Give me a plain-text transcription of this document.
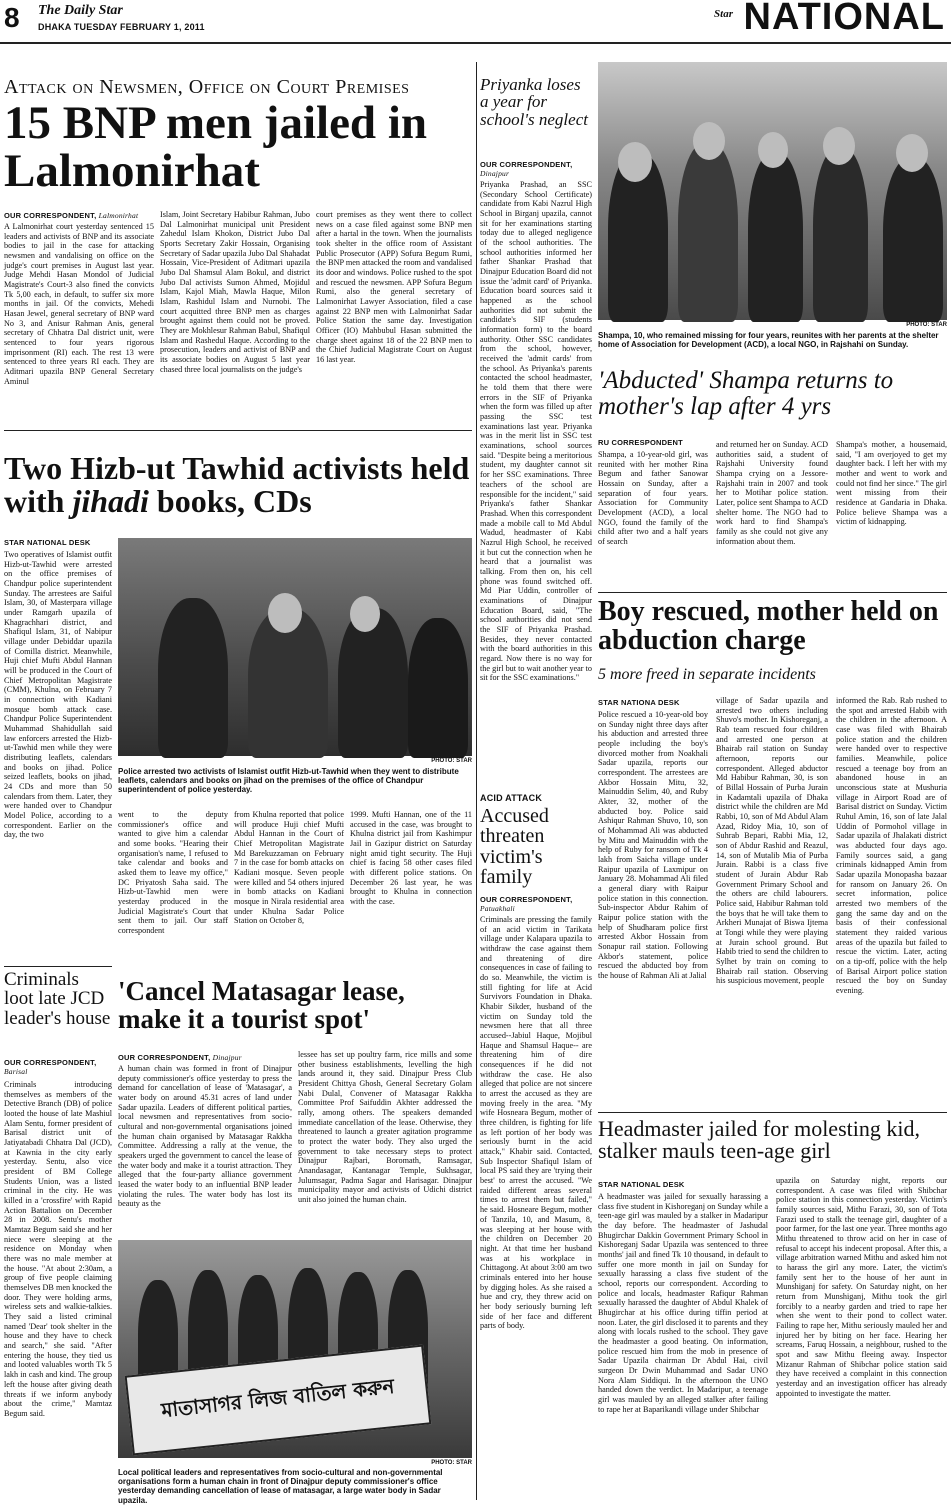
8 The Daily Star
DHAKA TUESDAY FEBRUARY 1, 2011
Star NATIONAL
Attack on Newsmen, Office on Court Premises
15 BNP men jailed in Lalmonirhat
OUR CORRESPONDENT, Lalmonirhat
A Lalmonirhat court yesterday sentenced 15 leaders and activists of BNP and its associate bodies to jail in the case for attacking newsmen and vandalising on office on the judge's court premises in August last year. Judge Mehdi Hasan Mondol of Judicial Magistrate's Court-3 also fined the convicts Tk 5,00 each, in default, to suffer six more months in jail. Of the convicts, Mehedi Hasan Jewel, general secretary of BNP ward No 3, and Anisur Rahman Anis, general secretary of Chhatra Dal district unit, were sentenced to four years rigorous imprisonment (RI) each. The rest 13 were sentenced to three years RI each. They are Aditmari upazila BNP General Secretary Aminul
Islam, Joint Secretary Habibur Rahman, Jubo Dal Lalmonirhat municipal unit President Zahedul Islam Khokon, District Jubo Dal Sports Secretary Zakir Hossain, Organising Secretary of Sadar upazila Jubo Dal Shahadat Hossain, Vice-President of Aditmari upazila Jubo Dal Shamsul Alam Bokul, and district Jubo Dal activists Sumon Ahmed, Mojidul Islam, Kajol Miah, Mawla Haque, Milon Islam, Rashidul Islam and Nurnobi. The court acquitted three BNP men as charges brought against them could not be proved. They are Mokhlesur Rahman Babul, Shafiqul Islam and Rashedul Haque. According to the prosecution, leaders and activist of BNP and its associate bodies on August 5 last year chased three local journalists on the judge's
court premises as they went there to collect news on a case filed against some BNP men after a hartal in the town. When the journalists took shelter in the office room of Assistant Public Prosecutor (APP) Sofura Begum Rumi, the BNP men attacked the room and vandalised its door and windows. Police rushed to the spot and rescued the newsmen. APP Sofura Begum Rumi, also the general secretary of Lalmonirhat Lawyer Association, filed a case against 22 BNP men with Lalmonirhat Sadar Police Station the same day. Investigation Officer (IO) Mahbubul Hasan submitted the charge sheet against 18 of the 22 BNP men to the Chief Judicial Magistrate Court on August 16 last year.
Two Hizb-ut Tawhid activists held with jihadi books, CDs
STAR NATIONAL DESK
Two operatives of Islamist outfit Hizb-ut-Tawhid were arrested on the office premises of Chandpur police superintendent Sunday. The arrestees are Saiful Islam, 30, of Masterpara village under Ramgarh upazila of Khagrachhari district, and Shafiqul Islam, 31, of Nabipur village under Debiddar upazila of Comilla district. Meanwhile, Huji chief Mufti Abdul Hannan will be produced in the Court of Chief Metropolitan Magistrate (CMM), Khulna, on February 7 in connection with Kadiani mosque bomb attack case. Chandpur Police Superintendent Muhammad Shahidullah said law enforcers arrested the Hizb-ut-Tawhid men while they were distributing leaflets, calendars and books on jihad. Police seized leaflets, books on jihad, 24 CDs and more than 50 calendars from them. Later, they were handed over to Chandpur Model Police, according to a correspondent. Earlier on the day, the two
PHOTO: STAR
Police arrested two activists of Islamist outfit Hizb-ut-Tawhid when they went to distribute leaflets, calendars and books on jihad on the premises of the office of Chandpur superintendent of police yesterday.
went to the deputy commissioner's office and wanted to give him a calendar and some books. "Hearing their organisation's name, I refused to take calendar and books and asked them to leave my office," DC Priyatosh Saha said. The Hizb-ut-Tawhid men were yesterday produced in the Judicial Magistrate's Court that sent them to jail. Our staff correspondent
from Khulna reported that police will produce Huji chief Mufti Abdul Hannan in the Court of Chief Metropolitan Magistrate Md Barekuzzaman on February 7 in the case for bomb attacks on Kadiani mosque. Seven people were killed and 54 others injured in bomb attacks on Kadiani mosque in Nirala residential area under Khulna Sadar Police Station on October 8,
1999. Mufti Hannan, one of the 11 accused in the case, was brought to Khulna district jail from Kashimpur Jail in Gazipur district on Saturday night amid tight security. The Huji chief is facing 58 other cases filed with different police stations. On December 26 last year, he was brought to Khulna in connection with the case.
Criminals loot late JCD leader's house
OUR CORRESPONDENT, Barisal
Criminals introducing themselves as members of the Detective Branch (DB) of police looted the house of late Mashiul Alam Sentu, former president of Barisal district unit of Jatiyatabadi Chhatra Dal (JCD), at Kawnia in the city early yesterday. Sentu, also vice president of BM College Students Union, was a listed criminal in the city. He was killed in a 'crossfire' with Rapid Action Battalion on December 28 in 2008. Sentu's mother Mamtaz Begum said she and her niece were sleeping at the residence on Monday when there was no male member at the house. "At about 2:30am, a group of five people claiming themselves DB men knocked the door. They were holding arms, wireless sets and walkie-talkies. They said a listed criminal named 'Dear' took shelter in the house and they have to check and search," she said. "After entering the house, they tied us and looted valuables worth Tk 5 lakh in cash and kind. The group left the house after giving death threats if we inform anybody about the crime," Mamtaz Begum said.
'Cancel Matasagar lease, make it a tourist spot'
OUR CORRESPONDENT, Dinajpur
A human chain was formed in front of Dinajpur deputy commissioner's office yesterday to press the demand for cancellation of lease of 'Matasagar', a water body on around 45.31 acres of land under Sadar upazila. Leaders of different political parties, local newsmen and representatives from socio-cultural and non-governmental organisations joined the human chain organised by Matasagar Rakkha Committee. Addressing a rally at the venue, the speakers urged the government to cancel the lease of the water body and make it a tourist attraction. They alleged that the four-party alliance government leased the water body to an influential BNP leader violating the rules. The water body has lost its beauty as the
lessee has set up poultry farm, rice mills and some other business establishments, levelling the high lands around it, they said. Dinajpur Press Club President Chittya Ghosh, General Secretary Golam Nabi Dulal, Convener of Matasagar Rakkha Committee Prof Saifuddin Akhter addressed the rally, among others. The speakers demanded immediate cancellation of the lease. Otherwise, they threatened to launch a greater agitation programme to protect the water body. They also urged the government to take necessary steps to protect Dinajpur Rajbari, Boromath, Ramsagar, Anandasagar, Kantanagar Temple, Sukhsagar, Julumsagar, Padma Sagar and Harisagar. Dinajpur municipality mayor and activists of Udichi district unit also joined the human chain.
মাতাসাগর লিজ বাতিল করুন
PHOTO: STAR
Local political leaders and representatives from socio-cultural and non-governmental organisations form a human chain in front of Dinajpur deputy commissioner's office yesterday demanding cancellation of lease of matasagar, a large water body in Sadar upazila.
Priyanka loses a year for school's neglect
OUR CORRESPONDENT, Dinajpur
Priyanka Prashad, an SSC (Secondary School Certificate) candidate from Kabi Nazrul High School in Birganj upazila, cannot sit for her examinations starting today due to alleged negligence of the school authorities. The school authorities informed her father Shankar Prashad that Dinajpur Education Board did not issue the 'admit card' of Priyanka. Education board sources said it happened as the school authorities did not submit the candidate's SIF (students information form) to the board authority. Other SSC candidates from the school, however, received the 'admit cards' from the school. As Priyanka's parents contacted the school headmaster, he told them that there were errors in the SIF of Priyanka when the form was filled up after passing the SSC test examinations last year. Priyanka was in the merit list in SSC test examinations, school sources said. "Despite being a meritorious student, my daughter cannot sit for her SSC examinations. Three teachers of the school are responsible for the incident," said Priyanka's father Shankar Prashad. When this correspondent made a mobile call to Md Abdul Wadud, headmaster of Kabi Nazrul High School, he received it but cut the connection when he heard that a journalist was talking. From then on, his cell phone was found switched off. Md Piar Uddin, controller of examinations of Dinajpur Education Board, said, "The school authorities did not send the SIF of Priyanka Prashad. Besides, they never contacted with the board authorities in this regard. Now there is no way for the girl but to wait another year to sit for the SSC examinations."
ACID ATTACK
Accused threaten victim's family
OUR CORRESPONDENT, Patuakhali
Criminals are pressing the family of an acid victim in Tarikata village under Kalapara upazila to withdraw the case against them and threatening of dire consequences in case of failing to do so. Meanwhile, the victim is still fighting for life at Acid Survivors Foundation in Dhaka. Khabir Sikder, husband of the victim on Sunday told the newsmen here that all three accused--Jabiul Haque, Mojibul Haque and Shamsul Haque-- are threatening him of dire consequences if he did not withdraw the case. He also alleged that police are not sincere to arrest the accused as they are moving freely in the area. "My wife Hosneara Begum, mother of three children, is fighting for life as left portion of her body was seriously burnt in the acid attack," Khabir said. Contacted, Sub Inspector Shafiqul Islam of local PS said they are 'trying their best' to arrest the accused. "We raided different areas several times to arrest them but failed," he said. Hosneare Begum, mother of Tanzila, 10, and Masum, 8, was sleeping at her house with the children on December 20 night. At that time her husband was at his workplace in Chittagong. At about 3:00 am two criminals entered into her house by digging holes. As she raised a hue and cry, they threw acid on her body seriously burning left side of her face and different parts of body.
PHOTO: STAR
Shampa, 10, who remained missing for four years, reunites with her parents at the shelter home of Association for Development (ACD), a local NGO, in Rajshahi on Sunday.
'Abducted' Shampa returns to mother's lap after 4 yrs
RU CORRESPONDENT
Shampa, a 10-year-old girl, was reunited with her mother Rina Begum and father Sanowar Hossain on Sunday, after a separation of four years. Association for Community Development (ACD), a local NGO, found the family of the child after two and a half years of search
and returned her on Sunday. ACD authorities said, a student of Rajshahi University found Shampa crying on a Jessore-Rajshahi train in 2007 and took her to Motihar police station. Later, police sent Shampa to ACD shelter home. The NGO had to work hard to find Shampa's family as she could not give any information about them.
Shampa's mother, a housemaid, said, "I am overjoyed to get my daughter back. I left her with my mother and went to work and could not find her since." The girl went missing from their residence at Gandaria in Dhaka. Police believe Shampa was a victim of kidnapping.
Boy rescued, mother held on abduction charge
5 more freed in separate incidents
STAR NATIONA DESK
Police rescued a 10-year-old boy on Sunday night three days after his abduction and arrested three people including the boy's divorced mother from Noakhali Sadar upazila, reports our correspondent. The arrestees are Akbor Hossain Mitu, 32, Mainuddin Selim, 40, and Ruby Akter, 32, mother of the abducted boy. Police said Ashiqur Rahman Shuvo, 10, son of Mohammad Ali was abducted by Mitu and Mainuddin with the help of Ruby for ransom of Tk 4 lakh from Saicha village under Raipur upazila of Laxmipur on January 28. Mohammad Ali filed a general diary with Raipur police station in this connection. Sub-inspector Abdur Rahim of Raipur police station with the help of Shudharam police first arrested Akbor Hossain from Sonapur rail station. Following Akbor's statement, police rescued the abducted boy from the house of Rahman Ali at Jalial
village of Sadar upazila and arrested two others including Shuvo's mother. In Kishoreganj, a Rab team rescued four children and arrested one person at Bhairab rail station on Sunday afternoon, reports our correspondent. Alleged abductor Md Habibur Rahman, 30, is son of Billal Hossain of Purba Jurain in Kadamtali upazila of Dhaka district while the children are Md Rabbi, 10, son of Md Abdul Alam Azad, Ridoy Mia, 10, son of Suhrab Bepari, Rabbi Mia, 12, son of Abdur Rashid and Reazul, 14, son of Mutalib Mia of Purba Jurain. Rabbi is a class five student of Jurain Abdur Rab Government Primary School and the others are child labourers. Police said, Habibur Rahman told the boys that he will take them to Arkheri Munajat of Biswa Ijtema at Tongi while they were playing at Jurain school ground. But Habib tried to send the children to Sylhet by train on coming to Bhairab rail station. Observing his suspicious movement, people
informed the Rab. Rab rushed to the spot and arrested Habib with the children in the afternoon. A case was filed with Bhairab police station and the children were handed over to respective families. Meanwhile, police rescued a teenage boy from an abandoned house in an unconscious state at Mushuria village in Airport Road are of Barisal district on Sunday. Victim Ruhul Amin, 16, son of late Jalal Uddin of Pormohol village in Sadar upazila of Jhalakati district was abducted four days ago. Family sources said, a gang criminals kidnapped Amin from Sadar upazila Monopasha bazaar for ransom on January 26. On secret information, police arrested two members of the gang the same day and on the basis of their confessional statement they raided various areas of the upazila but failed to rescue the victim. Later, acting on a tip-off, police with the help of Barisal Airport police station rescued the boy on Sunday evening.
Headmaster jailed for molesting kid, stalker mauls teen-age girl
STAR NATIONAL DESK
A headmaster was jailed for sexually harassing a class five student in Kishoreganj on Sunday while a teen-age girl was mauled by a stalker in Madaripur the day before. The headmaster of Jashudal Bhugirchar Dakkin Government Primary School in Kishoreganj Sadar Upazila was sentenced to three months' jail and fined Tk 10 thousand, in default to suffer one more month in jail on Sunday for sexually harassing a class five student of the school, reports our correspondent. According to police and locals, headmaster Rafiqur Rahman sexually harassed the daughter of Abdul Khalek of Bhugirchar at his office during tiffin period at noon. Later, the girl disclosed it to parents and they along with locals rushed to the school. They gave the headmaster a good beating. On information, police rescued him from the mob in presence of Sadar Upazila chairman Dr Abdul Hai, civil surgeon Dr Dwin Muhammad and Sadar UNO Nora Alam Siddiqui. In the afternoon the UNO handed down the verdict. In Madaripur, a teenage girl was mauled by an alleged stalker after failing to rape her at Baparikandi village under Shibchar
upazila on Saturday night, reports our correspondent. A case was filed with Shibchar police station in this connection yesterday. Victim's family sources said, Mithu Farazi, 30, son of Tota Farazi used to stalk the teenage girl, daughter of a poor farmer, for the last one year. Three months ago Mithu threatened to throw acid on her in case of refusal to accept his indecent proposal. After this, a village arbitration warned Mithu and asked him not to harass the girl any more. Later, the victim's family sent her to the house of her aunt in Munshiganj for safety. On Saturday night, on her return from Munshiganj, Mithu took the girl forcibly to a nearby garden and tried to rape her when she went to their pond to collect water. Failing to rape her, Mithu seriously mauled her and injured her by biting on her face. Hearing her screams, Faruq Hossain, a neighbour, rushed to the spot and saw Mithu fleeing away. Inspector Mizanur Rahman of Shibchar police station said they have received a complaint in this connection yesterday and an investigation officer has already appointed to investigate the matter.
